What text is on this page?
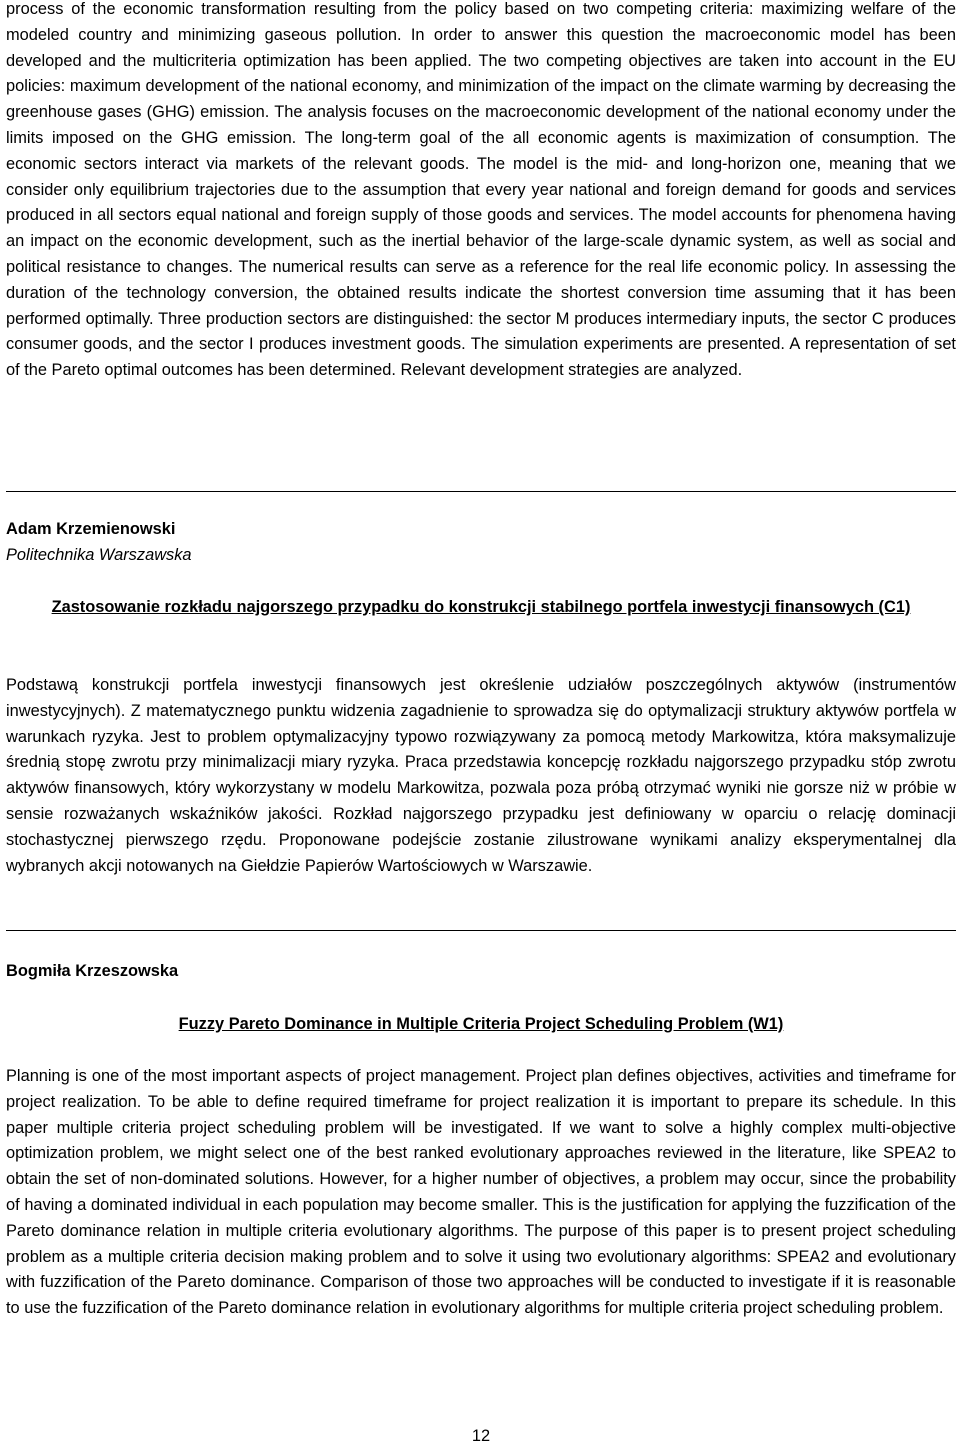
process of the economic transformation resulting from the policy based on two competing criteria: maximizing welfare of the modeled country and minimizing gaseous pollution. In order to answer this question the macroeconomic model has been developed and the multicriteria optimization has been applied. The two competing objectives are taken into account in the EU policies: maximum development of the national economy, and minimization of the impact on the climate warming by decreasing the greenhouse gases (GHG) emission. The analysis focuses on the macroeconomic development of the national economy under the limits imposed on the GHG emission. The long-term goal of the all economic agents is maximization of consumption. The economic sectors interact via markets of the relevant goods. The model is the mid- and long-horizon one, meaning that we consider only equilibrium trajectories due to the assumption that every year national and foreign demand for goods and services produced in all sectors equal national and foreign supply of those goods and services. The model accounts for phenomena having an impact on the economic development, such as the inertial behavior of the large-scale dynamic system, as well as social and political resistance to changes. The numerical results can serve as a reference for the real life economic policy. In assessing the duration of the technology conversion, the obtained results indicate the shortest conversion time assuming that it has been performed optimally. Three production sectors are distinguished: the sector M produces intermediary inputs, the sector C produces consumer goods, and the sector I produces investment goods. The simulation experiments are presented. A representation of set of the Pareto optimal outcomes has been determined. Relevant development strategies are analyzed.

Adam Krzemienowski

Politechnika Warszawska

Zastosowanie rozkładu najgorszego przypadku do konstrukcji stabilnego portfela inwestycji finansowych (C1)

Podstawą konstrukcji portfela inwestycji finansowych jest określenie udziałów poszczególnych aktywów (instrumentów inwestycyjnych). Z matematycznego punktu widzenia zagadnienie to sprowadza się do optymalizacji struktury aktywów portfela w warunkach ryzyka. Jest to problem optymalizacyjny typowo rozwiązywany za pomocą metody Markowitza, która maksymalizuje średnią stopę zwrotu przy minimalizacji miary ryzyka. Praca przedstawia koncepcję rozkładu najgorszego przypadku stóp zwrotu aktywów finansowych, który wykorzystany w modelu Markowitza, pozwala poza próbą otrzymać wyniki nie gorsze niż w próbie w sensie rozważanych wskaźników jakości. Rozkład najgorszego przypadku jest definiowany w oparciu o relację dominacji stochastycznej pierwszego rzędu. Proponowane podejście zostanie zilustrowane wynikami analizy eksperymentalnej dla wybranych akcji notowanych na Giełdzie Papierów Wartościowych w Warszawie.

Bogmiła Krzeszowska

Fuzzy Pareto Dominance in Multiple Criteria Project Scheduling Problem (W1)

Planning is one of the most important aspects of project management. Project plan defines objectives, activities and timeframe for project realization. To be able to define required timeframe for project realization it is important to prepare its schedule. In this paper multiple criteria project scheduling problem will be investigated. If we want to solve a highly complex multi-objective optimization problem, we might select one of the best ranked evolutionary approaches reviewed in the literature, like SPEA2 to obtain the set of non-dominated solutions. However, for a higher number of objectives, a problem may occur, since the probability of having a dominated individual in each population may become smaller. This is the justification for applying the fuzzification of the Pareto dominance relation in multiple criteria evolutionary algorithms. The purpose of this paper is to present project scheduling problem as a multiple criteria decision making problem and to solve it using two evolutionary algorithms: SPEA2 and evolutionary with fuzzification of the Pareto dominance. Comparison of those two approaches will be conducted to investigate if it is reasonable to use the fuzzification of the Pareto dominance relation in evolutionary algorithms for multiple criteria project scheduling problem.

12
